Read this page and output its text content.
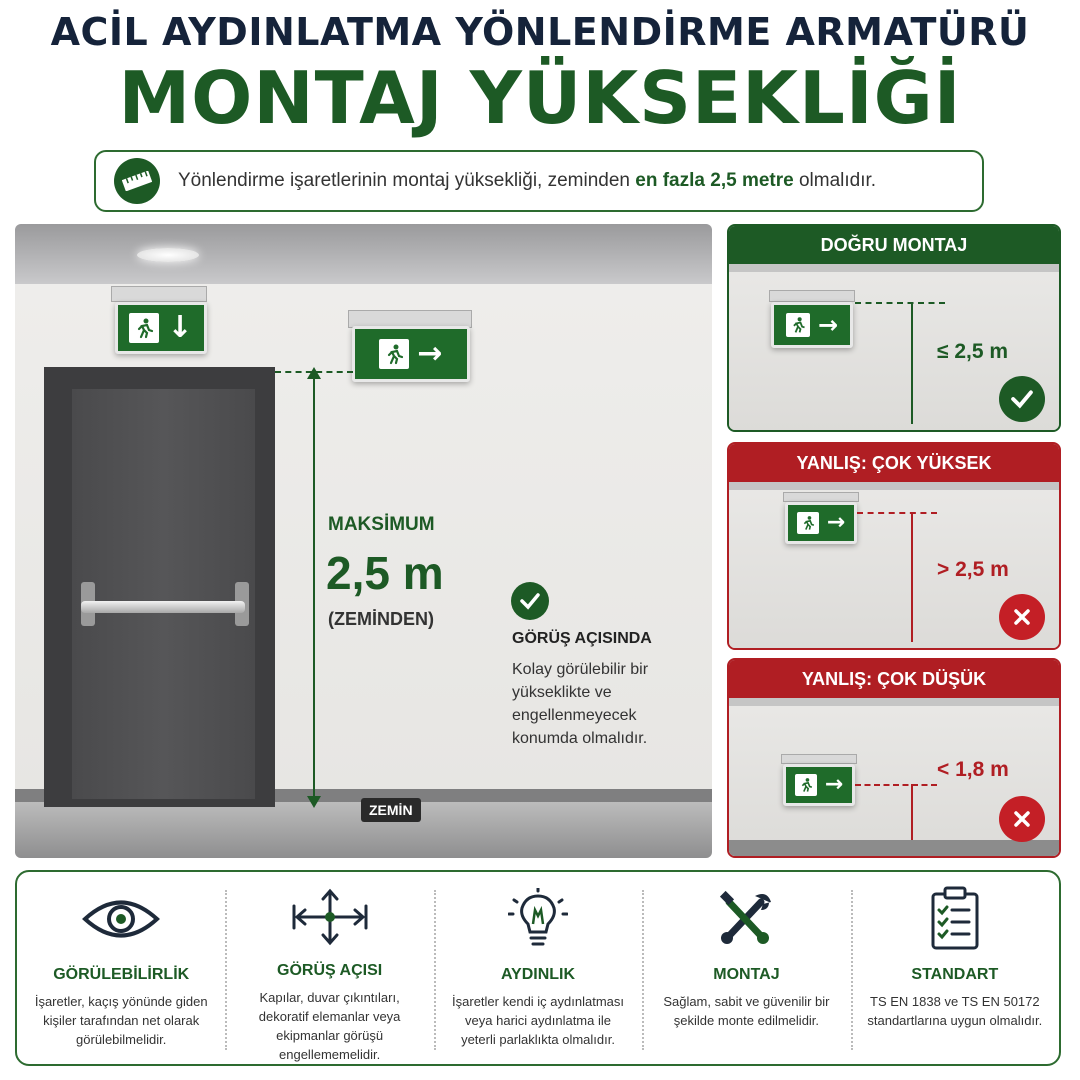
ACİL AYDINLATMA YÖNLENDİRME ARMATÜRÜ
MONTAJ YÜKSEKLİĞİ
Yönlendirme işaretlerinin montaj yüksekliği, zeminden en fazla 2,5 metre olmalıdır.
↓
→
MAKSİMUM
2,5 m
(ZEMİNDEN)
GÖRÜŞ AÇISINDA
Kolay görülebilir bir yükseklikte ve engellenmeyecek konumda olmalıdır.
ZEMİN
DOĞRU MONTAJ
→
≤ 2,5 m
YANLIŞ: ÇOK YÜKSEK
→
> 2,5 m
YANLIŞ: ÇOK DÜŞÜK
→
< 1,8 m
GÖRÜLEBİLİRLİK
İşaretler, kaçış yönünde giden kişiler tarafından net olarak görülebilmelidir.
GÖRÜŞ AÇISI
Kapılar, duvar çıkıntıları, dekoratif elemanlar veya ekipmanlar görüşü engellememelidir.
AYDINLIK
İşaretler kendi iç aydınlatması veya harici aydınlatma ile yeterli parlaklıkta olmalıdır.
MONTAJ
Sağlam, sabit ve güvenilir bir şekilde monte edilmelidir.
STANDART
TS EN 1838 ve TS EN 50172 standartlarına uygun olmalıdır.
